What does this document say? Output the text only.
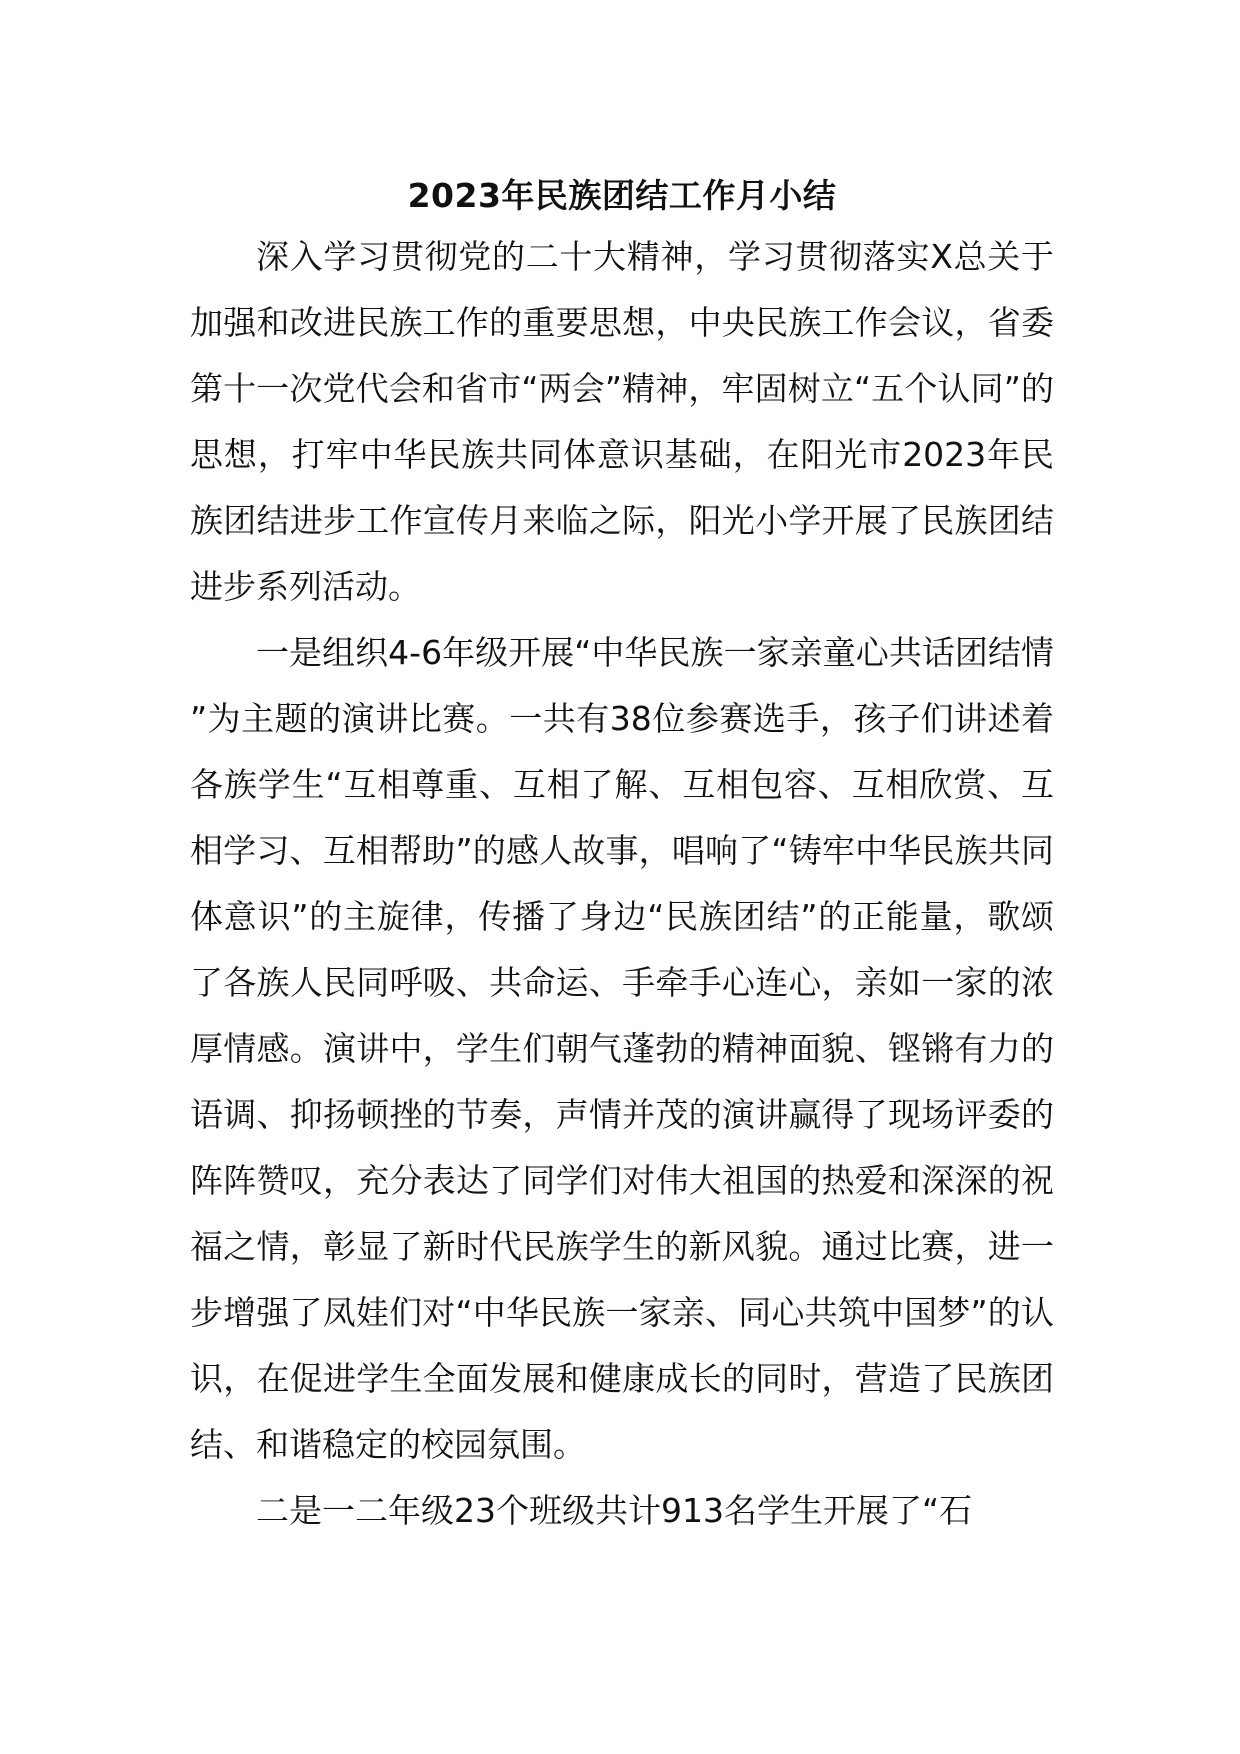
2023年民族团结工作月小结

深入学习贯彻党的二十大精神，学习贯彻落实X总关于加强和改进民族工作的重要思想，中央民族工作会议，省委第十一次党代会和省市“两会”精神，牢固树立“五个认同”的思想，打牢中华民族共同体意识基础，在阳光市2023年民族团结进步工作宣传月来临之际，阳光小学开展了民族团结进步系列活动。

一是组织4-6年级开展“中华民族一家亲童心共话团结情”为主题的演讲比赛。一共有38位参赛选手，孩子们讲述着各族学生“互相尊重、互相了解、互相包容、互相欣赏、互相学习、互相帮助”的感人故事，唱响了“铸牢中华民族共同体意识”的主旋律，传播了身边“民族团结”的正能量，歌颂了各族人民同呼吸、共命运、手牵手心连心，亲如一家的浓厚情感。演讲中，学生们朝气蓬勃的精神面貌、铿锵有力的语调、抑扬顿挫的节奏，声情并茂的演讲赢得了现场评委的阵阵赞叹，充分表达了同学们对伟大祖国的热爱和深深的祝福之情，彰显了新时代民族学生的新风貌。通过比赛，进一步增强了凤娃们对“中华民族一家亲、同心共筑中国梦”的认识，在促进学生全面发展和健康成长的同时，营造了民族团结、和谐稳定的校园氛围。

二是一二年级23个班级共计913名学生开展了“石
